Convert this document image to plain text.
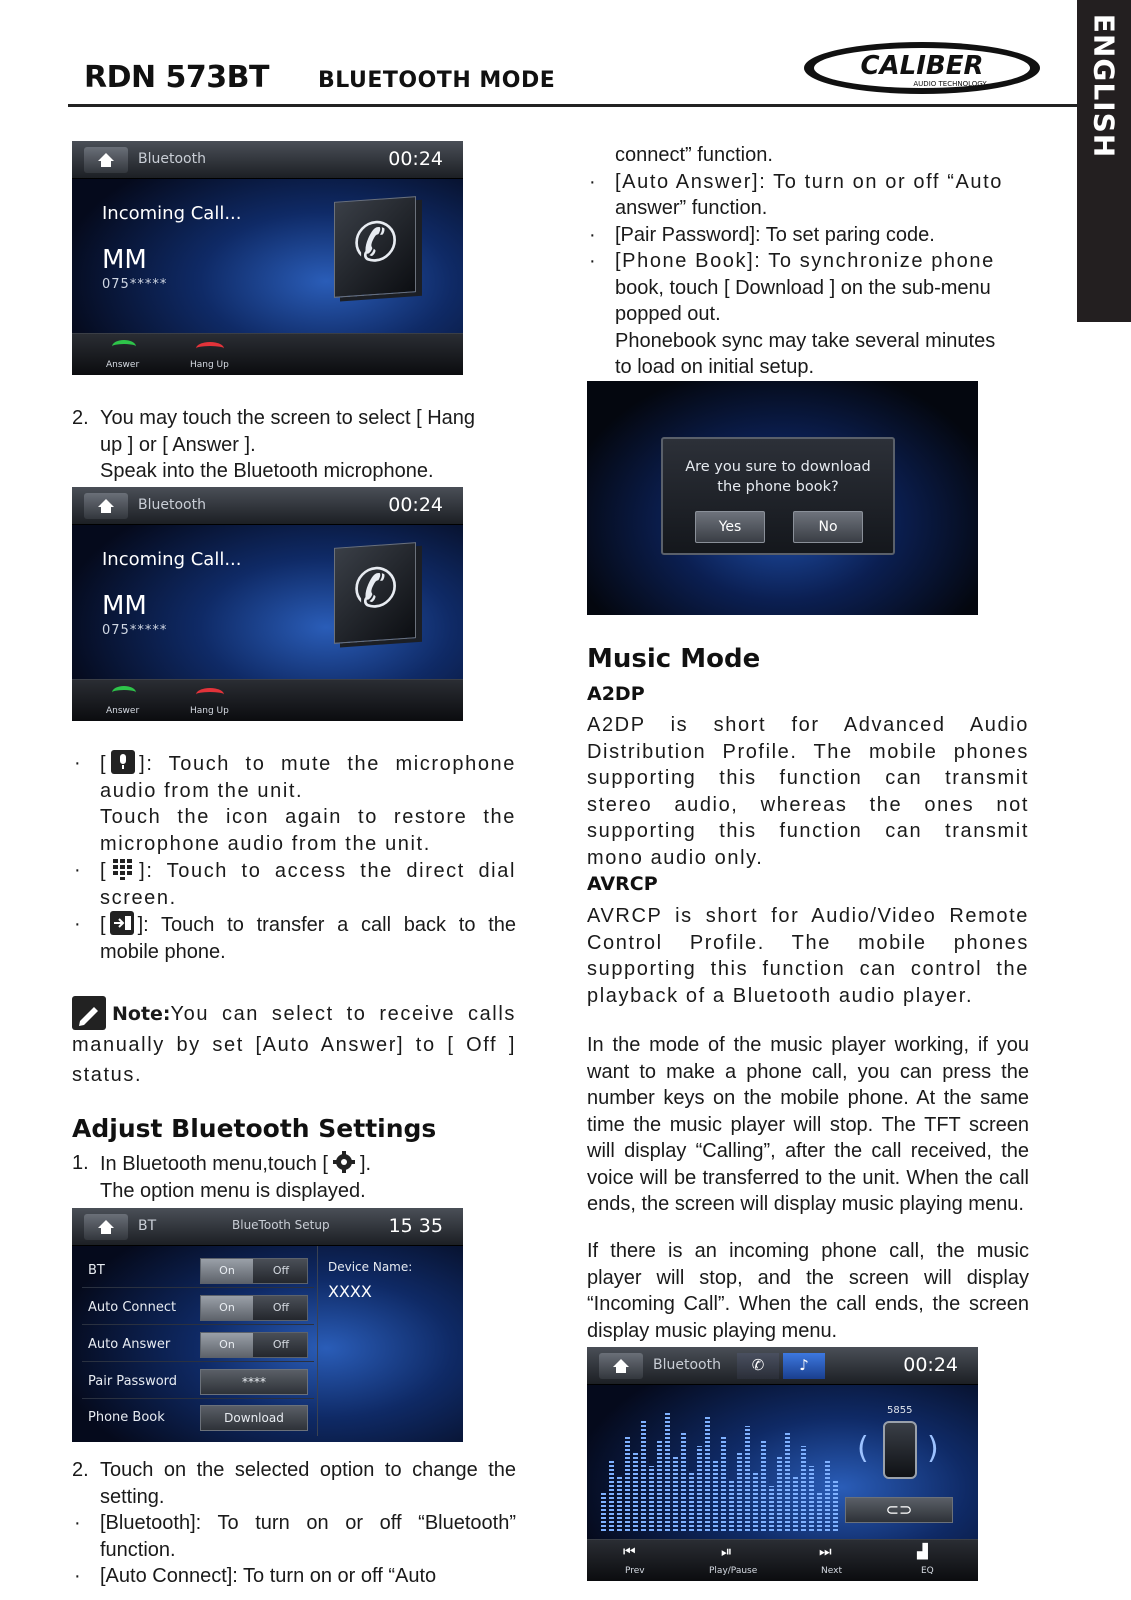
RDN 573BT BLUETOOTH MODE	CALIBER
AUDIO TECHNOLOGY	ENGLISH
Bluetooth	00:24
Incoming Call...
MM
075*****
✆
Answer	Hang Up
2. You may touch the screen to select [ Hang
up ] or [ Answer ].
Speak into the Bluetooth microphone.
Bluetooth	00:24
Incoming Call...
MM
075*****
✆
Answer	Hang Up
· [ ]: Touch to mute the microphone audio from the unit.
Touch the icon again to restore the microphone audio from the unit.
· [ ]: Touch to access the direct dial screen.
· [ ]: Touch to transfer a call back to the mobile phone.
Note:You can select to receive calls manually by set [Auto Answer] to [ Off ] status.
Adjust Bluetooth Settings
1. In Bluetooth menu,touch [ ].
The option menu is displayed.
BT	BlueTooth Setup	15 35
BT	On	Off
Auto Connect	On	Off
Auto Answer	On	Off
Pair Password	****
Phone Book	Download
Device Name:
XXXX
2. Touch on the selected option to change the setting.
· [Bluetooth]: To turn on or off “Bluetooth” function.
· [Auto Connect]: To turn on or off “Auto
connect” function.
· [Auto Answer]: To turn on or off “Auto
answer” function.
· [Pair Password]: To set paring code.
· [Phone Book]: To synchronize phone
book, touch [ Download ] on the sub-menu
popped out.
Phonebook sync may take several minutes
to load on initial setup.
Are you sure to download the phone book?
Yes	No
Music Mode
A2DP
A2DP is short for Advanced Audio Distribution Profile. The mobile phones supporting this function can transmit stereo audio, whereas the ones not supporting this function can transmit mono audio only.
AVRCP
AVRCP is short for Audio/Video Remote Control Profile. The mobile phones supporting this function can control the playback of a Bluetooth audio player.
In the mode of the music player working, if you want to make a phone call, you can press the number keys on the mobile phone. At the same time the music player will stop. The TFT screen will display “Calling”, after the call received, the voice will be transferred to the unit. When the call ends, the screen will display music playing menu.
If there is an incoming phone call, the music player will stop, and the screen will display “Incoming Call”. When the call ends, the screen display music playing menu.
Bluetooth	✆	♪	00:24
5855
( )
⊂⊃
⏮
Prev
⏯
Play/Pause
⏭
Next
▟
EQ
